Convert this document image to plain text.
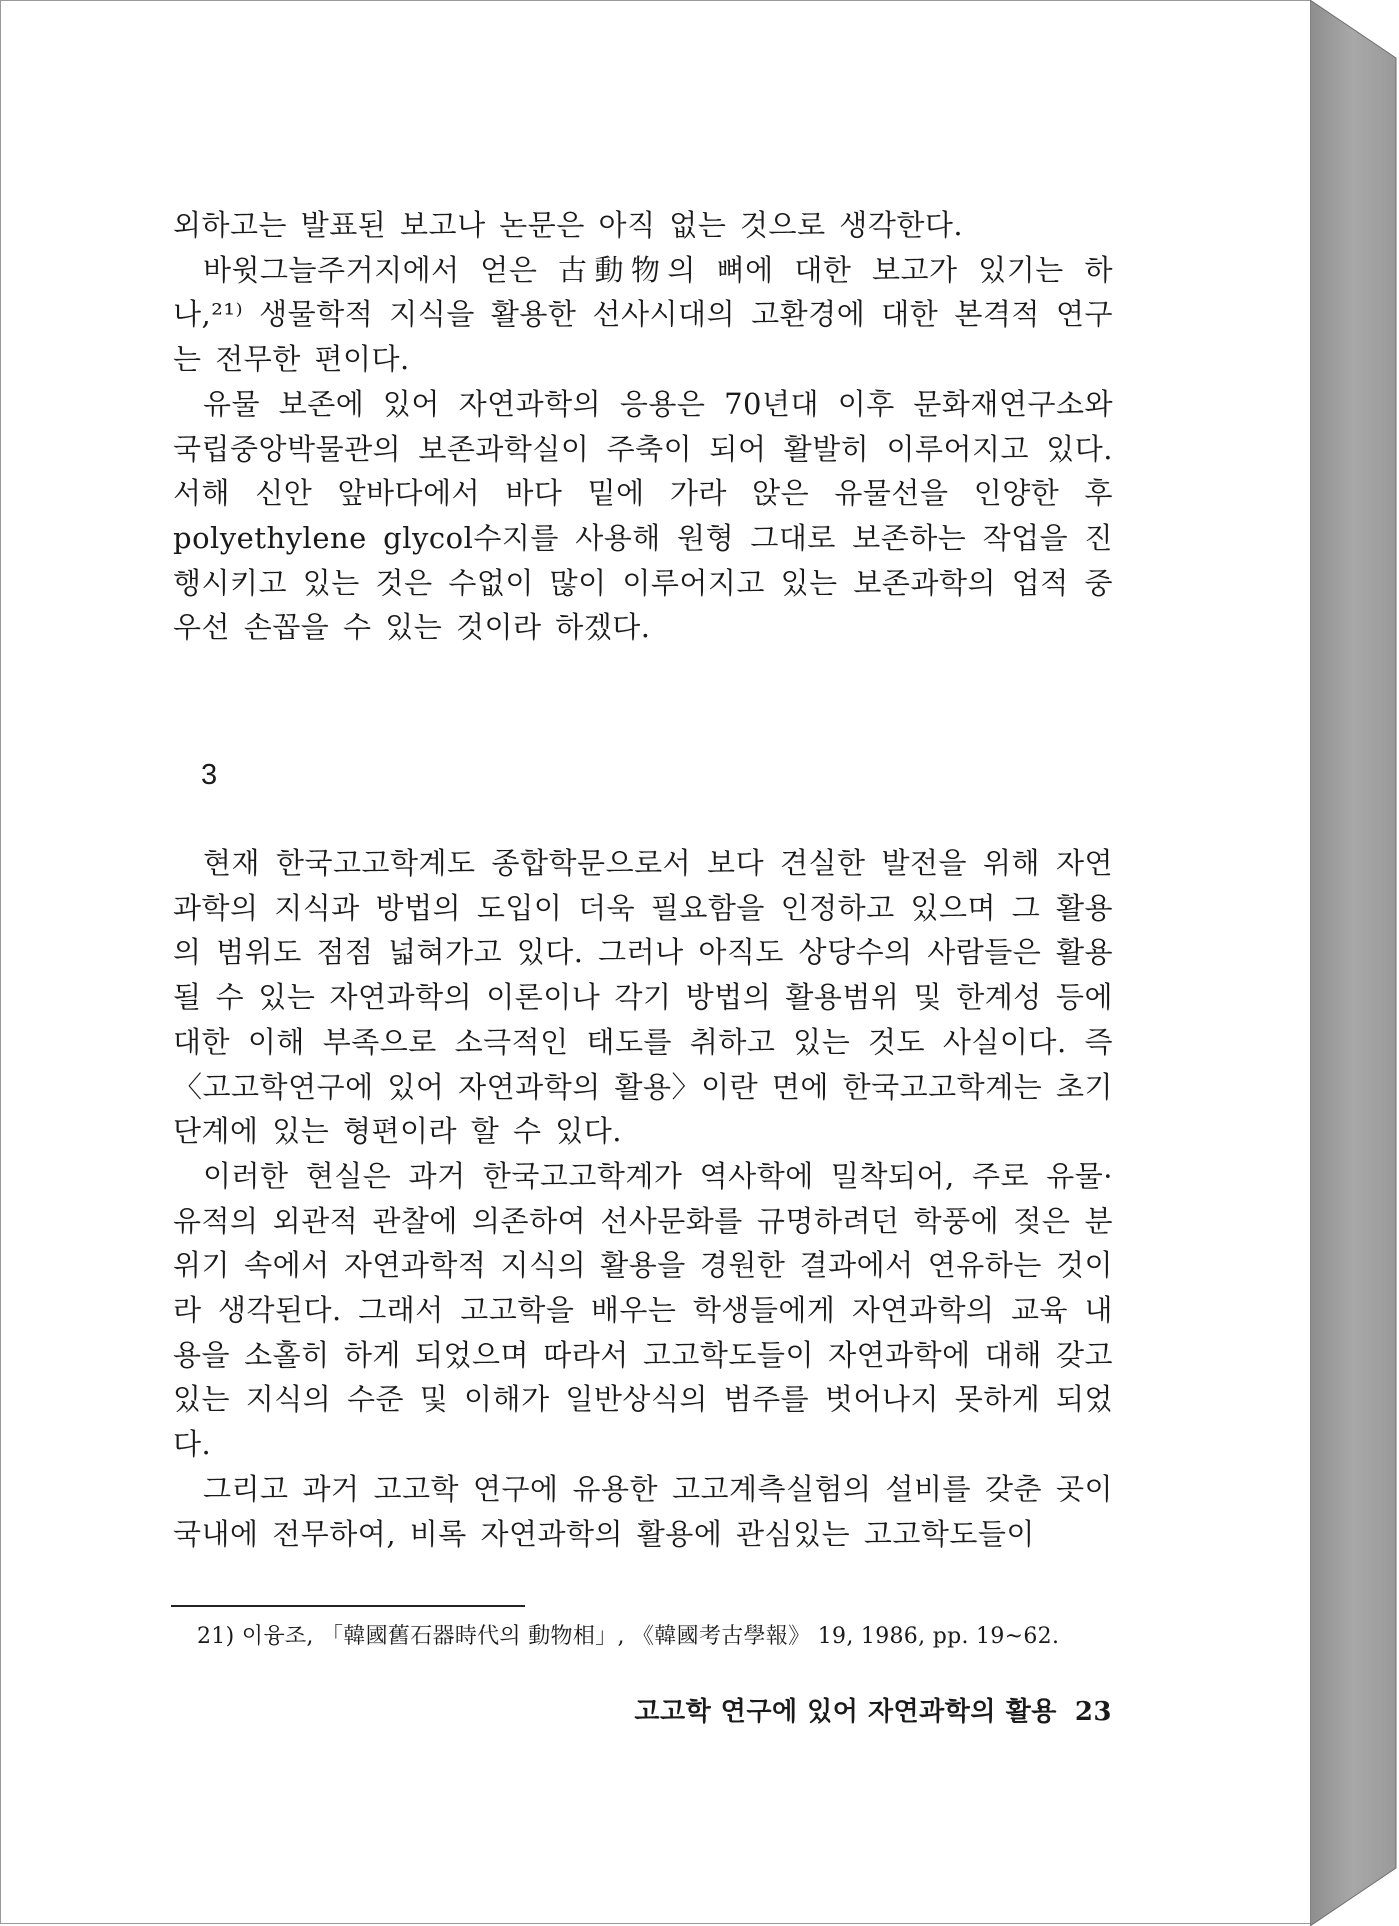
외하고는 발표된 보고나 논문은 아직 없는 것으로 생각한다.

바윗그늘주거지에서 얻은 古動物의 뼈에 대한 보고가 있기는 하나,²¹⁾ 생물학적 지식을 활용한 선사시대의 고환경에 대한 본격적 연구는 전무한 편이다.

유물 보존에 있어 자연과학의 응용은 70년대 이후 문화재연구소와 국립중앙박물관의 보존과학실이 주축이 되어 활발히 이루어지고 있다. 서해 신안 앞바다에서 바다 밑에 가라 앉은 유물선을 인양한 후 polyethylene glycol수지를 사용해 원형 그대로 보존하는 작업을 진행시키고 있는 것은 수없이 많이 이루어지고 있는 보존과학의 업적 중 우선 손꼽을 수 있는 것이라 하겠다.

3

현재 한국고고학계도 종합학문으로서 보다 견실한 발전을 위해 자연과학의 지식과 방법의 도입이 더욱 필요함을 인정하고 있으며 그 활용의 범위도 점점 넓혀가고 있다. 그러나 아직도 상당수의 사람들은 활용될 수 있는 자연과학의 이론이나 각기 방법의 활용범위 및 한계성 등에 대한 이해 부족으로 소극적인 태도를 취하고 있는 것도 사실이다. 즉 〈고고학연구에 있어 자연과학의 활용〉이란 면에 한국고고학계는 초기 단계에 있는 형편이라 할 수 있다.

이러한 현실은 과거 한국고고학계가 역사학에 밀착되어, 주로 유물·유적의 외관적 관찰에 의존하여 선사문화를 규명하려던 학풍에 젖은 분위기 속에서 자연과학적 지식의 활용을 경원한 결과에서 연유하는 것이라 생각된다. 그래서 고고학을 배우는 학생들에게 자연과학의 교육 내용을 소홀히 하게 되었으며 따라서 고고학도들이 자연과학에 대해 갖고 있는 지식의 수준 및 이해가 일반상식의 범주를 벗어나지 못하게 되었다.

그리고 과거 고고학 연구에 유용한 고고계측실험의 설비를 갖춘 곳이 국내에 전무하여, 비록 자연과학의 활용에 관심있는 고고학도들이

21) 이융조, 「韓國舊石器時代의 動物相」, 《韓國考古學報》 19, 1986, pp. 19~62.
고고학 연구에 있어 자연과학의 활용 23
